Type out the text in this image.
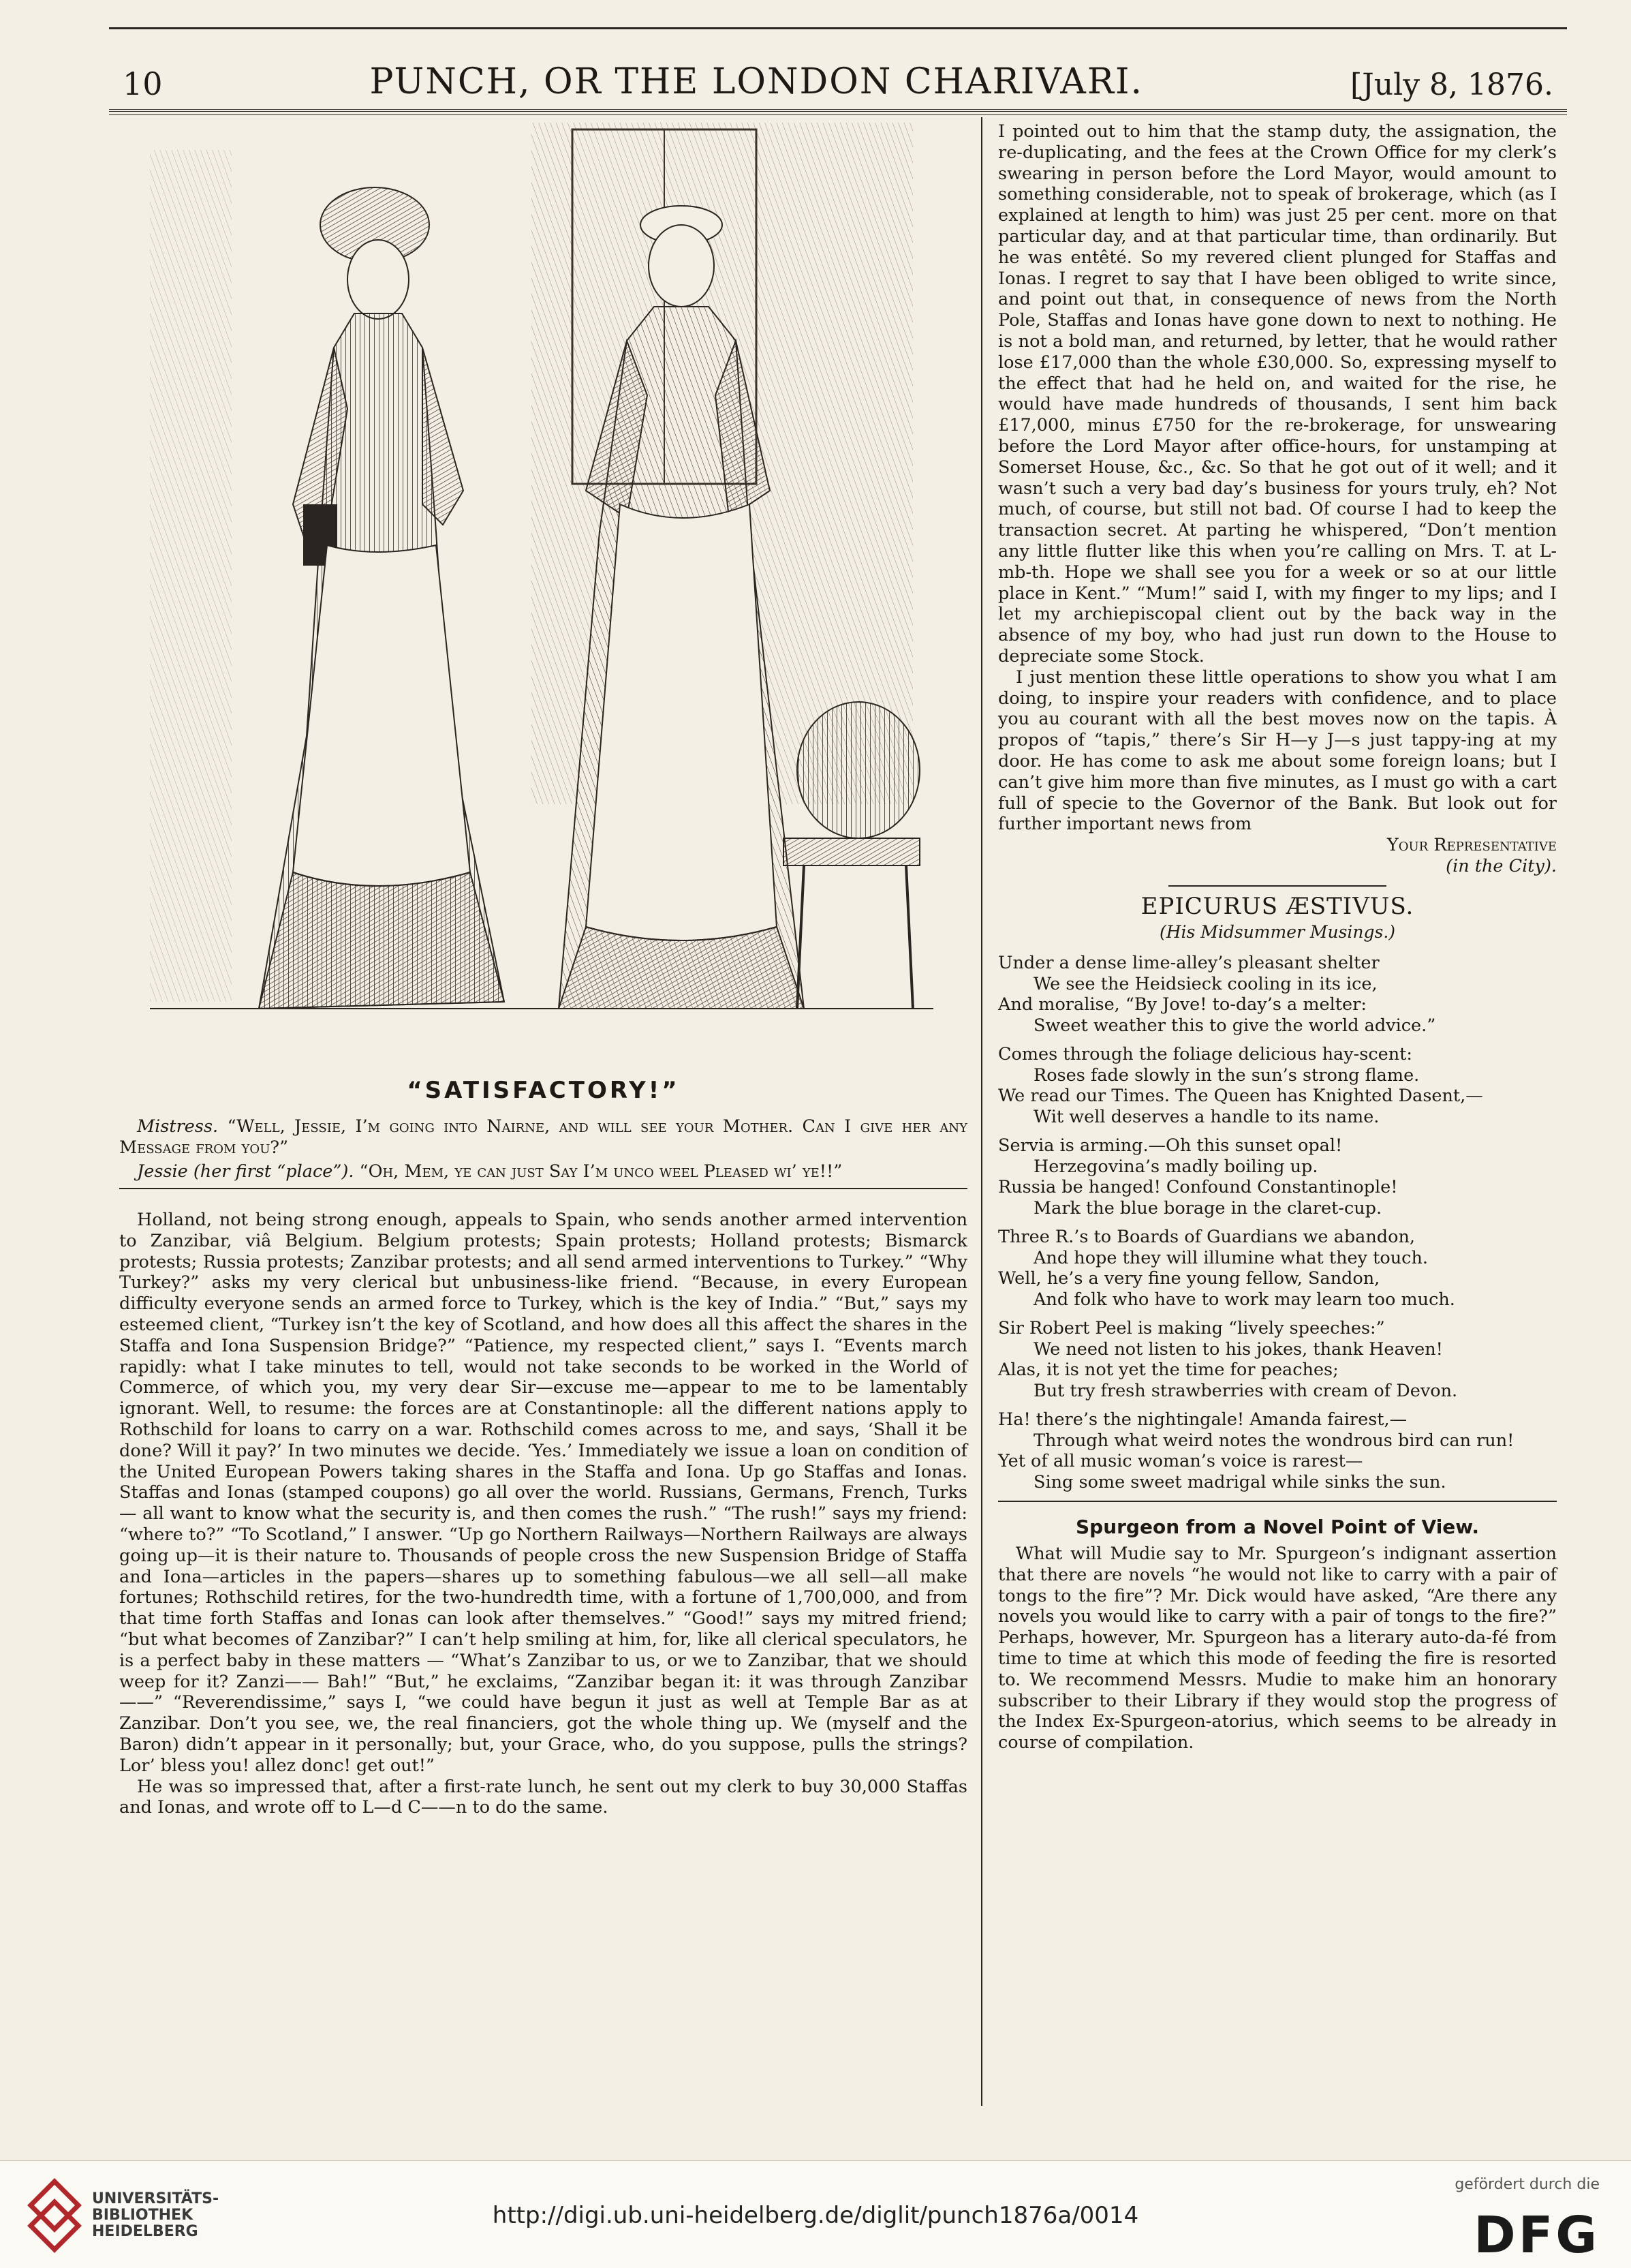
10	PUNCH, OR THE LONDON CHARIVARI.	[July 8, 1876.
“SATISFACTORY!”

Mistress. “Well, Jessie, I’m going into Nairne, and will see your Mother. Can I give her any Message from you?”

Jessie (her first “place”). “Oh, Mem, ye can just Say I’m unco weel Pleased wi’ ye!!”

Holland, not being strong enough, appeals to Spain, who sends another armed intervention to Zanzibar, viâ Belgium. Belgium protests; Spain protests; Holland protests; Bismarck protests; Russia protests; Zanzibar protests; and all send armed interventions to Turkey.” “Why Turkey?” asks my very clerical but unbusiness-like friend. “Because, in every European difficulty everyone sends an armed force to Turkey, which is the key of India.” “But,” says my esteemed client, “Turkey isn’t the key of Scotland, and how does all this affect the shares in the Staffa and Iona Suspension Bridge?” “Patience, my respected client,” says I. “Events march rapidly: what I take minutes to tell, would not take seconds to be worked in the World of Commerce, of which you, my very dear Sir—excuse me—appear to me to be lamentably ignorant. Well, to resume: the forces are at Constantinople: all the different nations apply to Rothschild for loans to carry on a war. Rothschild comes across to me, and says, ‘Shall it be done? Will it pay?’ In two minutes we decide. ‘Yes.’ Immediately we issue a loan on condition of the United European Powers taking shares in the Staffa and Iona. Up go Staffas and Ionas. Staffas and Ionas (stamped coupons) go all over the world. Russians, Germans, French, Turks — all want to know what the security is, and then comes the rush.” “The rush!” says my friend: “where to?” “To Scotland,” I answer. “Up go Northern Railways—Northern Railways are always going up—it is their nature to. Thousands of people cross the new Suspension Bridge of Staffa and Iona—articles in the papers—shares up to something fabulous—we all sell—all make fortunes; Rothschild retires, for the two-hundredth time, with a fortune of 1,700,000, and from that time forth Staffas and Ionas can look after themselves.” “Good!” says my mitred friend; “but what becomes of Zanzibar?” I can’t help smiling at him, for, like all clerical speculators, he is a perfect baby in these matters — “What’s Zanzibar to us, or we to Zanzibar, that we should weep for it? Zanzi—— Bah!” “But,” he exclaims, “Zanzibar began it: it was through Zanzibar——” “Reverendissime,” says I, “we could have begun it just as well at Temple Bar as at Zanzibar. Don’t you see, we, the real financiers, got the whole thing up. We (myself and the Baron) didn’t appear in it personally; but, your Grace, who, do you suppose, pulls the strings? Lor’ bless you! allez donc! get out!”

He was so impressed that, after a first-rate lunch, he sent out my clerk to buy 30,000 Staffas and Ionas, and wrote off to L—d C——n to do the same.

I pointed out to him that the stamp duty, the assignation, the re-duplicating, and the fees at the Crown Office for my clerk’s swearing in person before the Lord Mayor, would amount to something considerable, not to speak of brokerage, which (as I explained at length to him) was just 25 per cent. more on that particular day, and at that particular time, than ordinarily. But he was entêté. So my revered client plunged for Staffas and Ionas. I regret to say that I have been obliged to write since, and point out that, in consequence of news from the North Pole, Staffas and Ionas have gone down to next to nothing. He is not a bold man, and returned, by letter, that he would rather lose £17,000 than the whole £30,000. So, expressing myself to the effect that had he held on, and waited for the rise, he would have made hundreds of thousands, I sent him back £17,000, minus £750 for the re-brokerage, for unswearing before the Lord Mayor after office-hours, for unstamping at Somerset House, &c., &c. So that he got out of it well; and it wasn’t such a very bad day’s business for yours truly, eh? Not much, of course, but still not bad. Of course I had to keep the transaction secret. At parting he whispered, “Don’t mention any little flutter like this when you’re calling on Mrs. T. at L-mb-th. Hope we shall see you for a week or so at our little place in Kent.” “Mum!” said I, with my finger to my lips; and I let my archiepiscopal client out by the back way in the absence of my boy, who had just run down to the House to depreciate some Stock.

I just mention these little operations to show you what I am doing, to inspire your readers with confidence, and to place you au courant with all the best moves now on the tapis. À propos of “tapis,” there’s Sir H—y J—s just tappy-ing at my door. He has come to ask me about some foreign loans; but I can’t give him more than five minutes, as I must go with a cart full of specie to the Governor of the Bank. But look out for further important news from

Your Representative
(in the City).
EPICURUS ÆSTIVUS.
(His Midsummer Musings.)
Under a dense lime-alley’s pleasant shelter
We see the Heidsieck cooling in its ice,
And moralise, “By Jove! to-day’s a melter:
Sweet weather this to give the world advice.”
Comes through the foliage delicious hay-scent:
Roses fade slowly in the sun’s strong flame.
We read our Times. The Queen has Knighted Dasent,—
Wit well deserves a handle to its name.
Servia is arming.—Oh this sunset opal!
Herzegovina’s madly boiling up.
Russia be hanged! Confound Constantinople!
Mark the blue borage in the claret-cup.
Three R.’s to Boards of Guardians we abandon,
And hope they will illumine what they touch.
Well, he’s a very fine young fellow, Sandon,
And folk who have to work may learn too much.
Sir Robert Peel is making “lively speeches:”
We need not listen to his jokes, thank Heaven!
Alas, it is not yet the time for peaches;
But try fresh strawberries with cream of Devon.
Ha! there’s the nightingale! Amanda fairest,—
Through what weird notes the wondrous bird can run!
Yet of all music woman’s voice is rarest—
Sing some sweet madrigal while sinks the sun.
Spurgeon from a Novel Point of View.

What will Mudie say to Mr. Spurgeon’s indignant assertion that there are novels “he would not like to carry with a pair of tongs to the fire”? Mr. Dick would have asked, “Are there any novels you would like to carry with a pair of tongs to the fire?” Perhaps, however, Mr. Spurgeon has a literary auto-da-fé from time to time at which this mode of feeding the fire is resorted to. We recommend Messrs. Mudie to make him an honorary subscriber to their Library if they would stop the progress of the Index Ex-Spurgeon-atorius, which seems to be already in course of compilation.

UNIVERSITÄTS-
BIBLIOTHEK
HEIDELBERG
http://digi.ub.uni-heidelberg.de/diglit/punch1876a/0014
gefördert durch die
DFG
